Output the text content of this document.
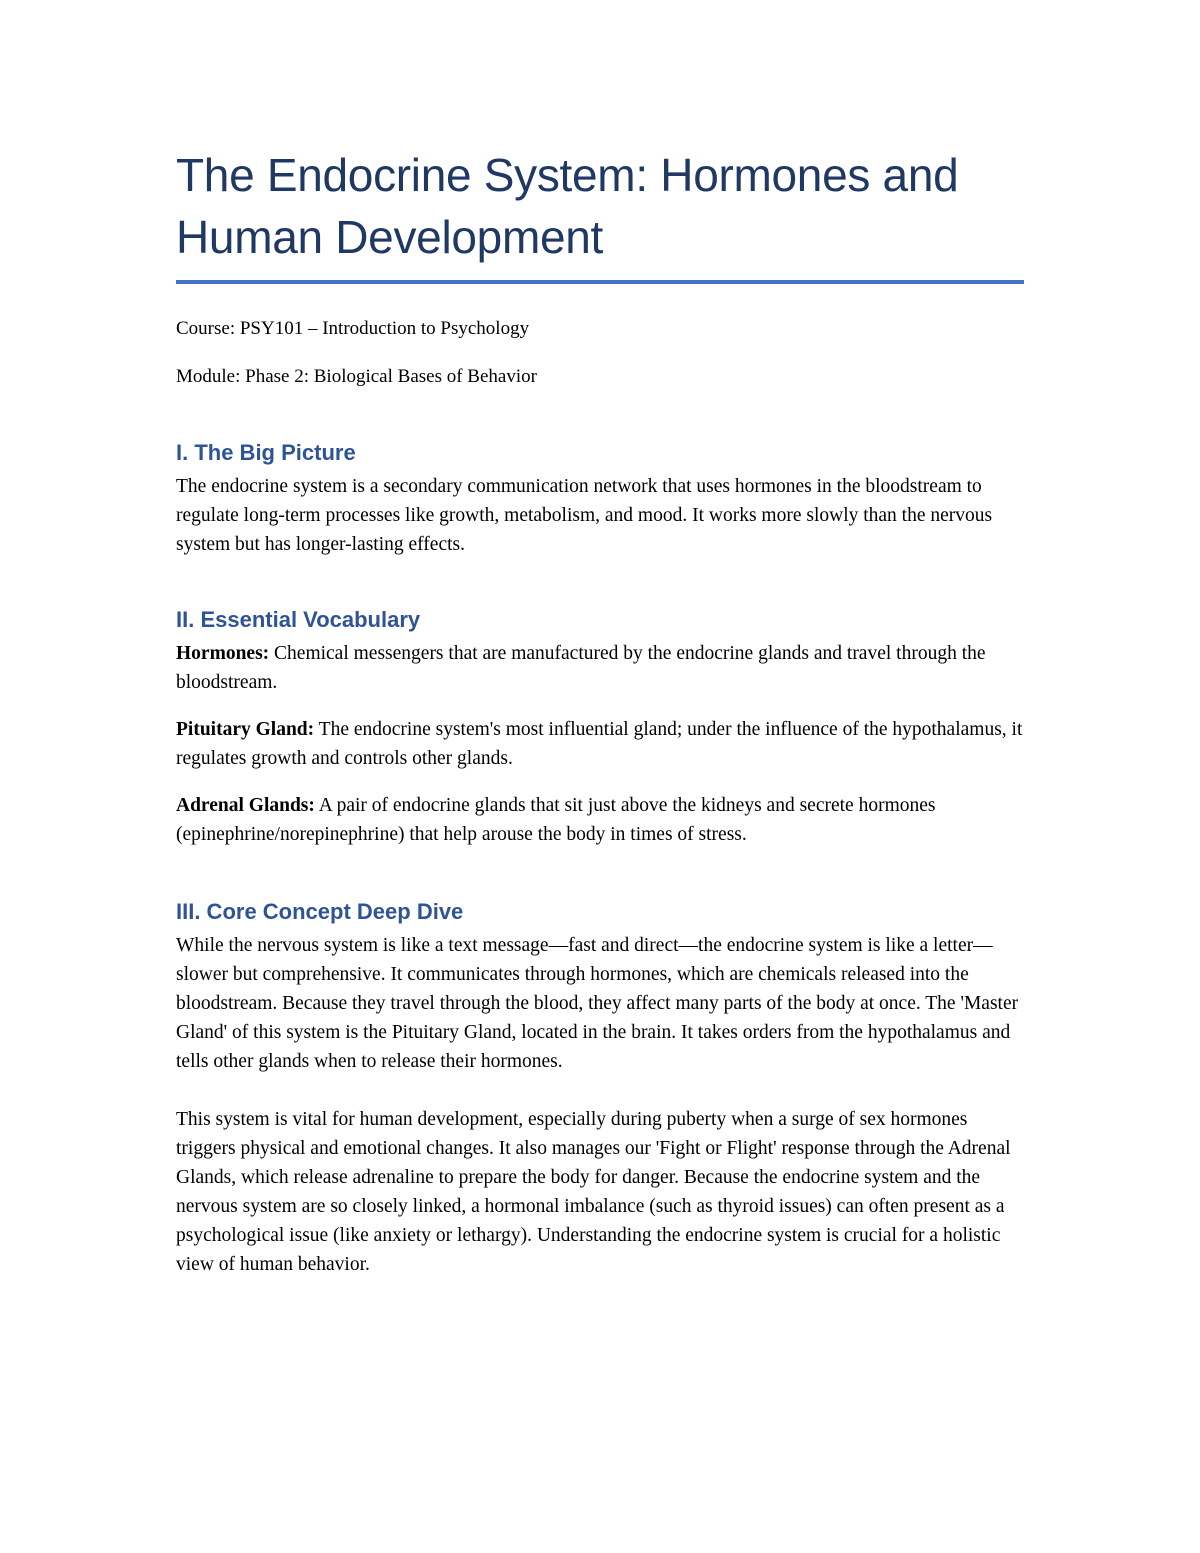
The Endocrine System: Hormones and Human Development

Course: PSY101 – Introduction to Psychology

Module: Phase 2: Biological Bases of Behavior

I. The Big Picture

The endocrine system is a secondary communication network that uses hormones in the bloodstream to regulate long-term processes like growth, metabolism, and mood. It works more slowly than the nervous system but has longer-lasting effects.

II. Essential Vocabulary

Hormones: Chemical messengers that are manufactured by the endocrine glands and travel through the bloodstream.

Pituitary Gland: The endocrine system's most influential gland; under the influence of the hypothalamus, it regulates growth and controls other glands.

Adrenal Glands: A pair of endocrine glands that sit just above the kidneys and secrete hormones (epinephrine/norepinephrine) that help arouse the body in times of stress.

III. Core Concept Deep Dive

While the nervous system is like a text message—fast and direct—the endocrine system is like a letter—slower but comprehensive. It communicates through hormones, which are chemicals released into the bloodstream. Because they travel through the blood, they affect many parts of the body at once. The 'Master Gland' of this system is the Pituitary Gland, located in the brain. It takes orders from the hypothalamus and tells other glands when to release their hormones.

This system is vital for human development, especially during puberty when a surge of sex hormones triggers physical and emotional changes. It also manages our 'Fight or Flight' response through the Adrenal Glands, which release adrenaline to prepare the body for danger. Because the endocrine system and the nervous system are so closely linked, a hormonal imbalance (such as thyroid issues) can often present as a psychological issue (like anxiety or lethargy). Understanding the endocrine system is crucial for a holistic view of human behavior.
